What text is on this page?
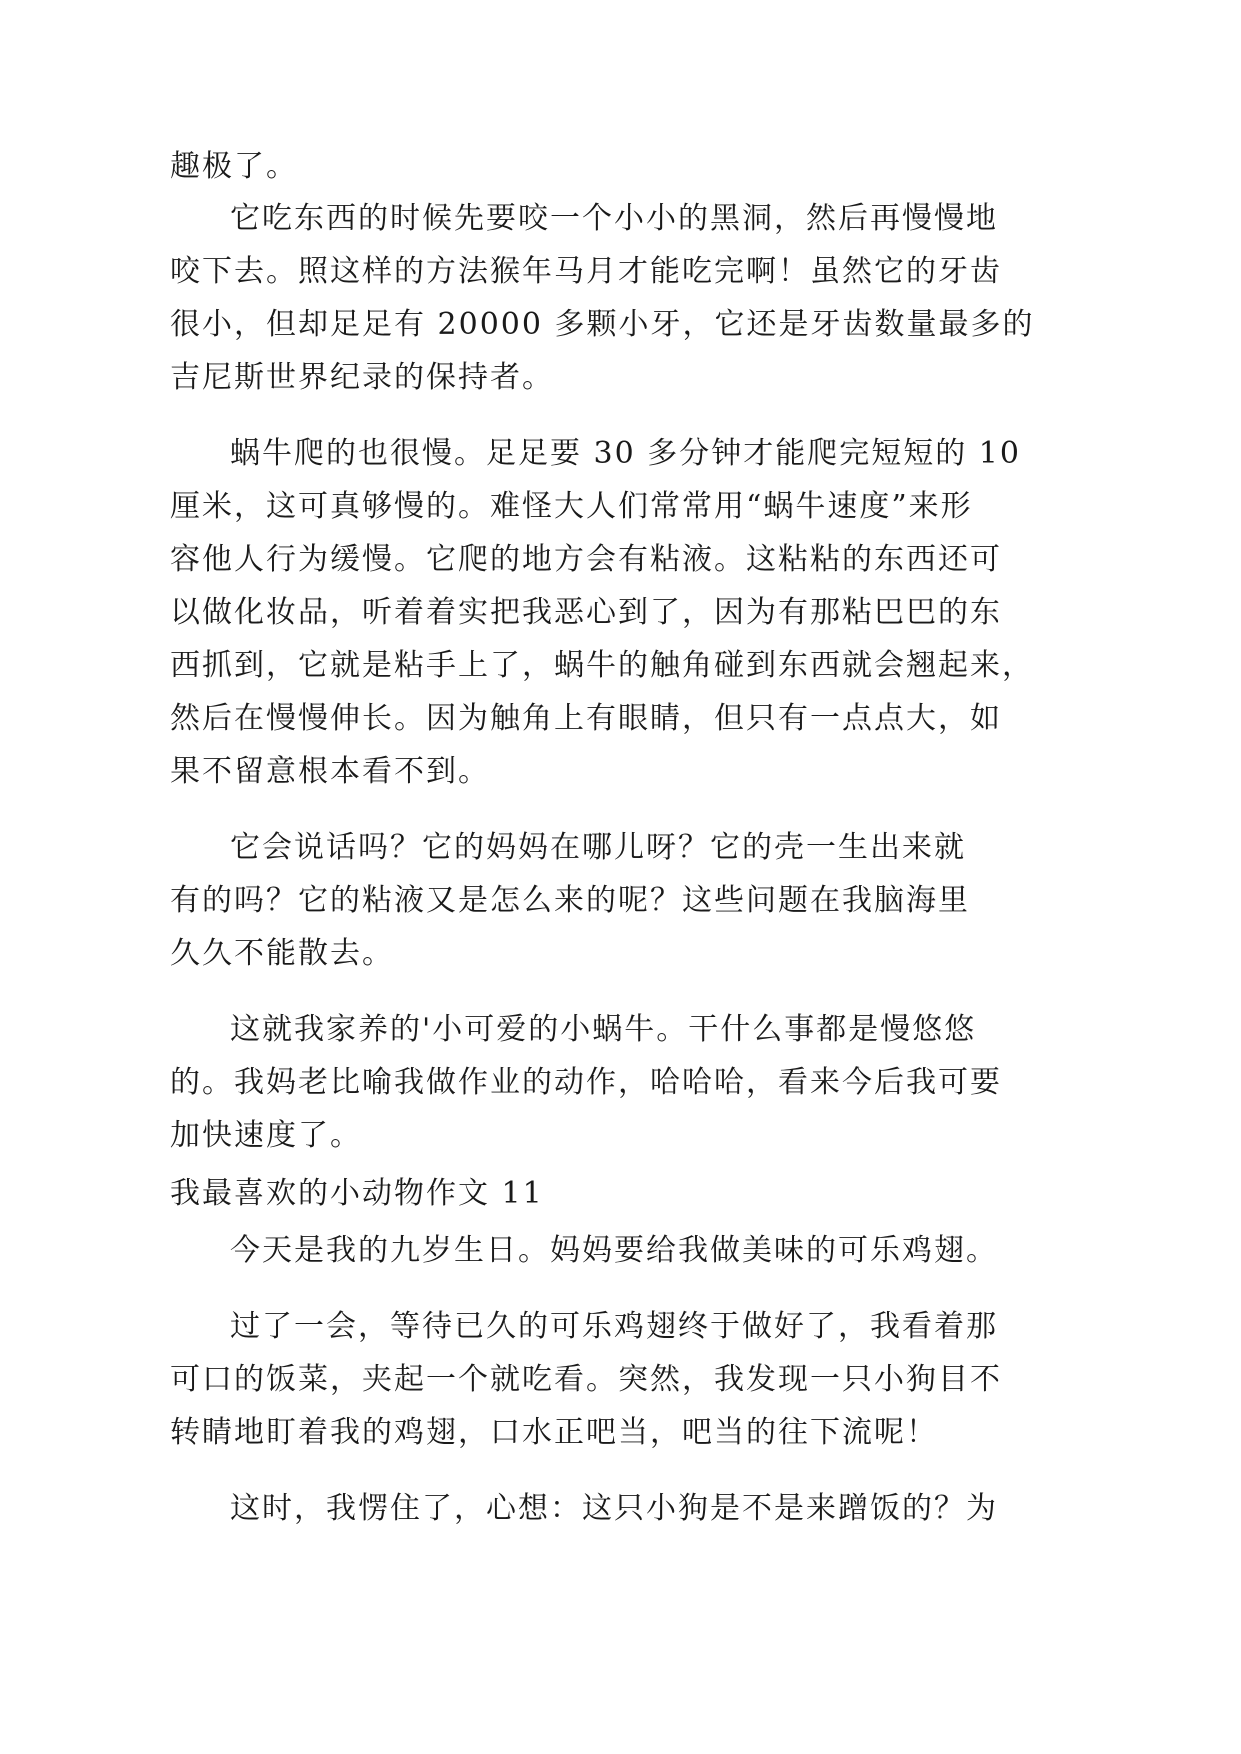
趣极了。
它吃东西的时候先要咬一个小小的黑洞，然后再慢慢地
咬下去。照这样的方法猴年马月才能吃完啊！虽然它的牙齿
很小，但却足足有 20000 多颗小牙，它还是牙齿数量最多的
吉尼斯世界纪录的保持者。
蜗牛爬的也很慢。足足要 30 多分钟才能爬完短短的 10
厘米，这可真够慢的。难怪大人们常常用“蜗牛速度”来形
容他人行为缓慢。它爬的地方会有粘液。这粘粘的东西还可
以做化妆品，听着着实把我恶心到了，因为有那粘巴巴的东
西抓到，它就是粘手上了，蜗牛的触角碰到东西就会翘起来，
然后在慢慢伸长。因为触角上有眼睛，但只有一点点大，如
果不留意根本看不到。
它会说话吗？它的妈妈在哪儿呀？它的壳一生出来就
有的吗？它的粘液又是怎么来的呢？这些问题在我脑海里
久久不能散去。
这就我家养的'小可爱的小蜗牛。干什么事都是慢悠悠
的。我妈老比喻我做作业的动作，哈哈哈，看来今后我可要
加快速度了。
我最喜欢的小动物作文 11
今天是我的九岁生日。妈妈要给我做美味的可乐鸡翅。
过了一会，等待已久的可乐鸡翅终于做好了，我看着那
可口的饭菜，夹起一个就吃看。突然，我发现一只小狗目不
转睛地盯着我的鸡翅，口水正吧当，吧当的往下流呢！
这时，我愣住了，心想：这只小狗是不是来蹭饭的？为
